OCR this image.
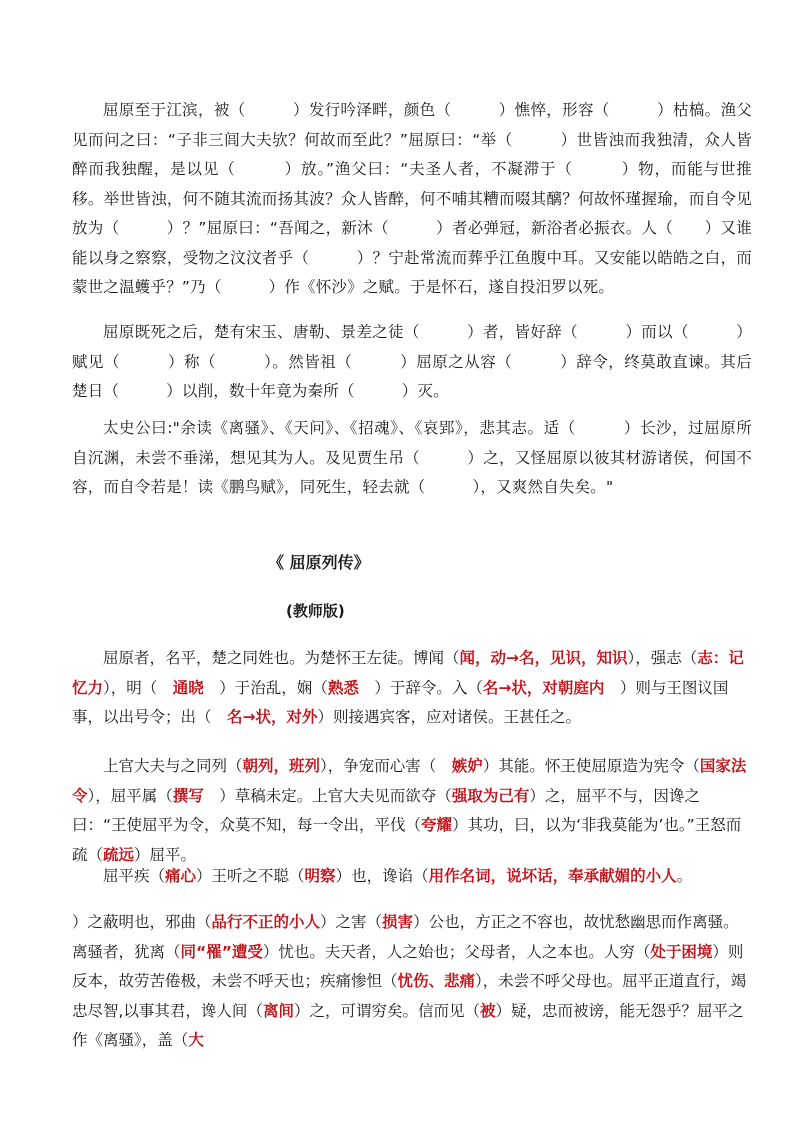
屈原至于江滨，被（　　　）发行吟泽畔，颜色（　　　）憔悴，形容（　　　）枯槁。渔父见而问之曰：“子非三闾大夫欤？何故而至此？”屈原曰：“举（　　　）世皆浊而我独清，众人皆醉而我独醒，是以见（　　　）放。”渔父曰：“夫圣人者，不凝滞于（　　　）物，而能与世推移。举世皆浊，何不随其流而扬其波？众人皆醉，何不哺其糟而啜其醨？何故怀瑾握瑜，而自令见放为（　　　）？”屈原曰：“吾闻之，新沐（　　　）者必弹冠，新浴者必振衣。人（　　）又谁能以身之察察，受物之汶汶者乎（　　　）？宁赴常流而葬乎江鱼腹中耳。又安能以皓皓之白，而蒙世之温蠖乎？”乃（　　　）作《怀沙》之赋。于是怀石，遂自投汨罗以死。

屈原既死之后，楚有宋玉、唐勒、景差之徒（　　　）者，皆好辞（　　　）而以（　　　）赋见（　　　）称（　　　）。然皆祖（　　　）屈原之从容（　　　）辞令，终莫敢直谏。其后楚日（　　　）以削，数十年竟为秦所（　　　）灭。

太史公曰:"余读《离骚》、《天问》、《招魂》、《哀郢》，悲其志。适（　　　）长沙，过屈原所自沉渊，未尝不垂涕，想见其为人。及见贾生吊（　　　）之，又怪屈原以彼其材游诸侯，何国不容，而自令若是！读《鹏鸟赋》，同死生，轻去就（　　　），又爽然自失矣。"

《 屈原列传》
(教师版)

屈原者，名平，楚之同姓也。为楚怀王左徒。博闻（闻，动→名，见识，知识），强志（志：记忆力），明（　通晓　）于治乱，娴（熟悉　）于辞令。入（名→状，对朝庭内　）则与王图议国事，以出号令；出（　名→状，对外）则接遇宾客，应对诸侯。王甚任之。

上官大夫与之同列（朝列，班列），争宠而心害（　嫉妒）其能。怀王使屈原造为宪令（国家法令），屈平属（撰写　）草稿未定。上官大夫见而欲夺（强取为己有）之，屈平不与，因谗之曰：“王使屈平为令，众莫不知，每一令出，平伐（夸耀）其功，曰，以为‘非我莫能为’也。”王怒而疏（疏远）屈平。

屈平疾（痛心）王听之不聪（明察）也，谗谄（用作名词，说坏话，奉承献媚的小人。

）之蔽明也，邪曲（品行不正的小人）之害（损害）公也，方正之不容也，故忧愁幽思而作离骚。离骚者，犹离（同“罹”遭受）忧也。夫天者，人之始也；父母者，人之本也。人穷（处于困境）则反本，故劳苦倦极，未尝不呼天也；疾痛惨怛（忧伤、悲痛），未尝不呼父母也。屈平正道直行，竭忠尽智,以事其君，谗人间（离间）之，可谓穷矣。信而见（被）疑，忠而被谤，能无怨乎？屈平之作《离骚》，盖（大
